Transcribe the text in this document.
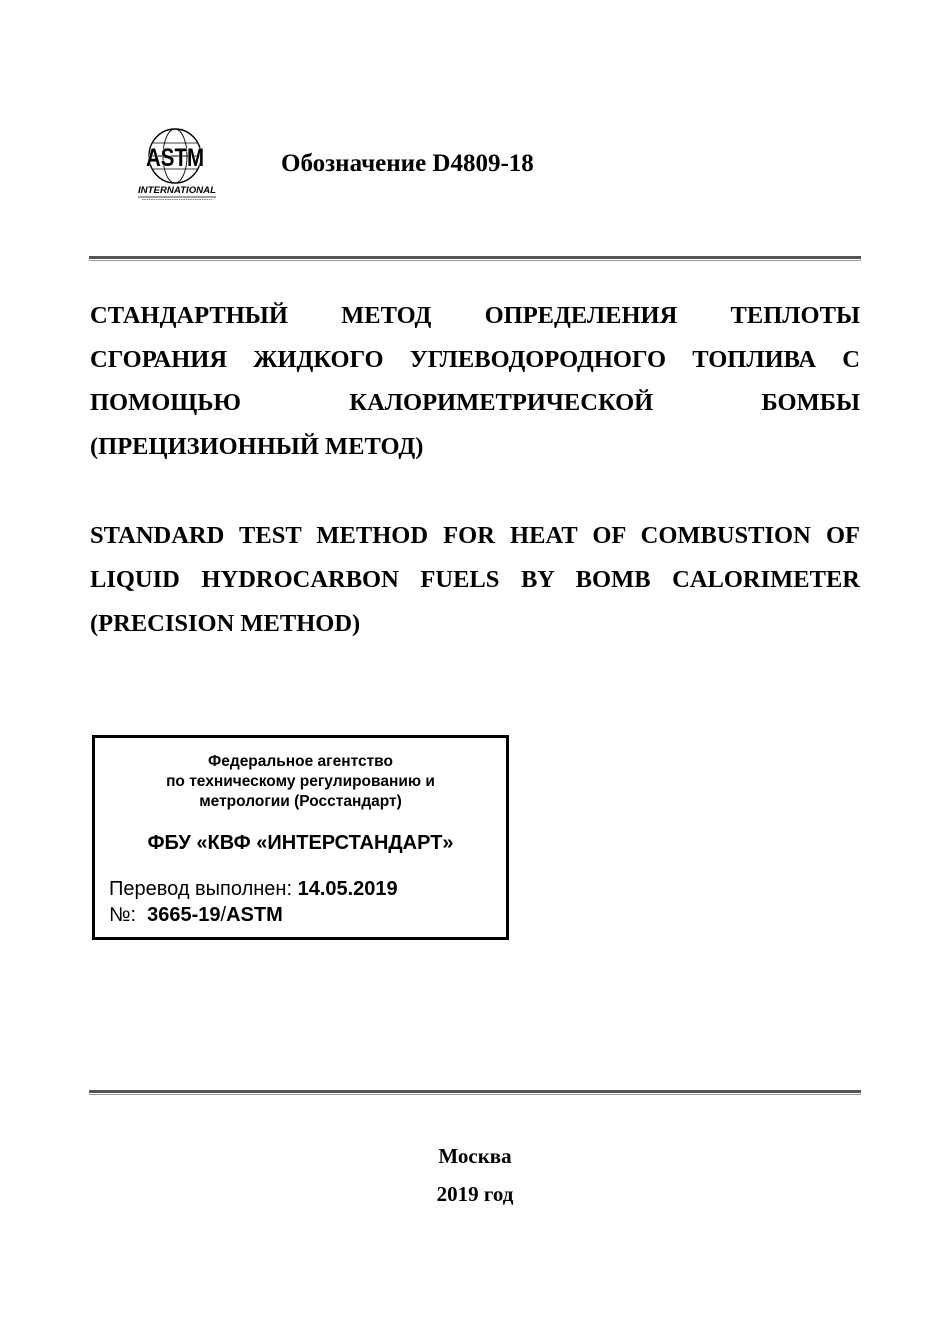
ASTM
INTERNATIONAL
Обозначение D4809-18
СТАНДАРТНЫЙ МЕТОД ОПРЕДЕЛЕНИЯ ТЕПЛОТЫ СГОРАНИЯ ЖИДКОГО УГЛЕВОДОРОДНОГО ТОПЛИВА С ПОМОЩЬЮ КАЛОРИМЕТРИЧЕСКОЙ БОМБЫ (ПРЕЦИЗИОННЫЙ МЕТОД)
STANDARD TEST METHOD FOR HEAT OF COMBUSTION OF LIQUID HYDROCARBON FUELS BY BOMB CALORIMETER (PRECISION METHOD)
Федеральное агентство
по техническому регулированию и
метрологии (Росстандарт)
ФБУ «КВФ «ИНТЕРСТАНДАРТ»
Перевод выполнен: 14.05.2019
№: 3665-19/ASTM
Москва
2019 год
